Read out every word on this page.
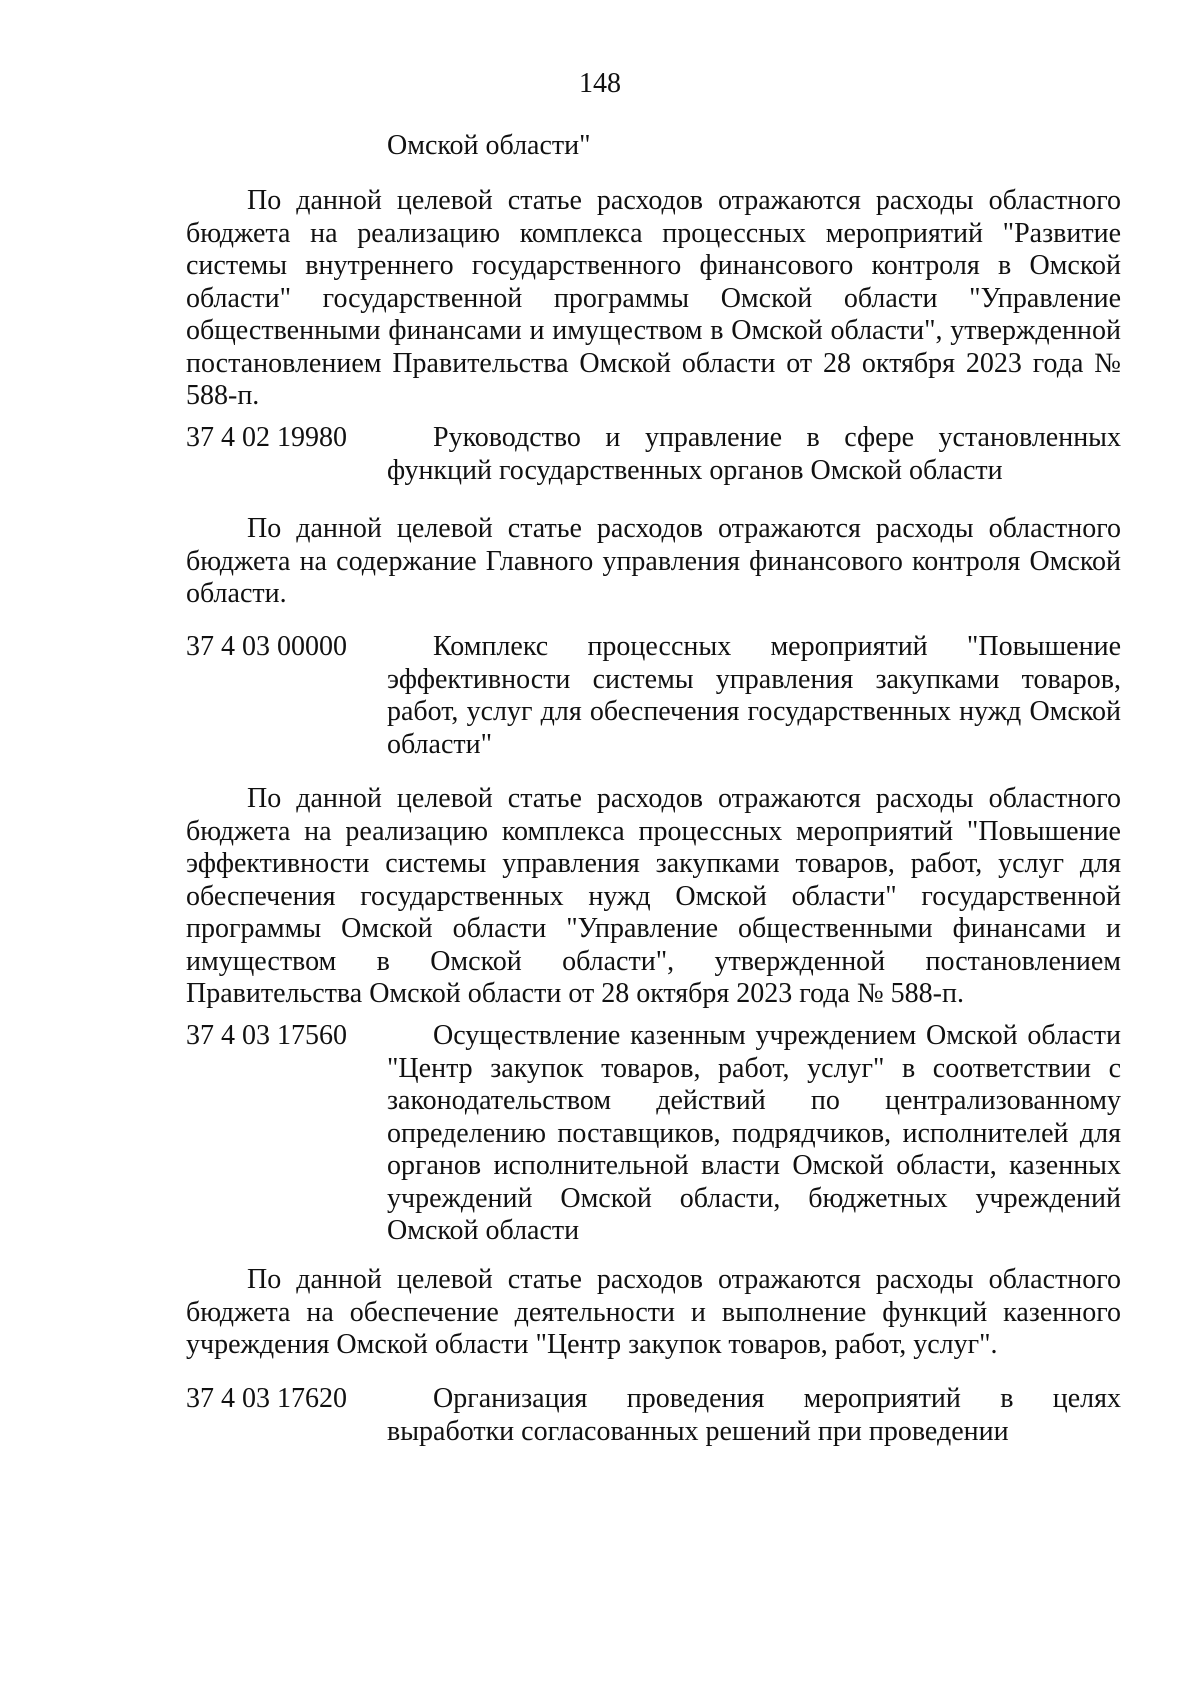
148

Омской области"

По данной целевой статье расходов отражаются расходы областного бюджета на реализацию комплекса процессных мероприятий "Развитие системы внутреннего государственного финансового контроля в Омской области" государственной программы Омской области "Управление общественными финансами и имуществом в Омской области", утвержденной постановлением Правительства Омской области от 28 октября 2023 года № 588-п.

37 4 02 19980	Руководство и управление в сфере установленных функций государственных органов Омской области

По данной целевой статье расходов отражаются расходы областного бюджета на содержание Главного управления финансового контроля Омской области.

37 4 03 00000	Комплекс процессных мероприятий "Повышение эффективности системы управления закупками товаров, работ, услуг для обеспечения государственных нужд Омской области"

По данной целевой статье расходов отражаются расходы областного бюджета на реализацию комплекса процессных мероприятий "Повышение эффективности системы управления закупками товаров, работ, услуг для обеспечения государственных нужд Омской области" государственной программы Омской области "Управление общественными финансами и имуществом в Омской области", утвержденной постановлением Правительства Омской области от 28 октября 2023 года № 588-п.

37 4 03 17560	Осуществление казенным учреждением Омской области "Центр закупок товаров, работ, услуг" в соответствии с законодательством действий по централизованному определению поставщиков, подрядчиков, исполнителей для органов исполнительной власти Омской области, казенных учреждений Омской области, бюджетных учреждений Омской области

По данной целевой статье расходов отражаются расходы областного бюджета на обеспечение деятельности и выполнение функций казенного учреждения Омской области "Центр закупок товаров, работ, услуг".

37 4 03 17620	Организация проведения мероприятий в целях выработки согласованных решений при проведении
